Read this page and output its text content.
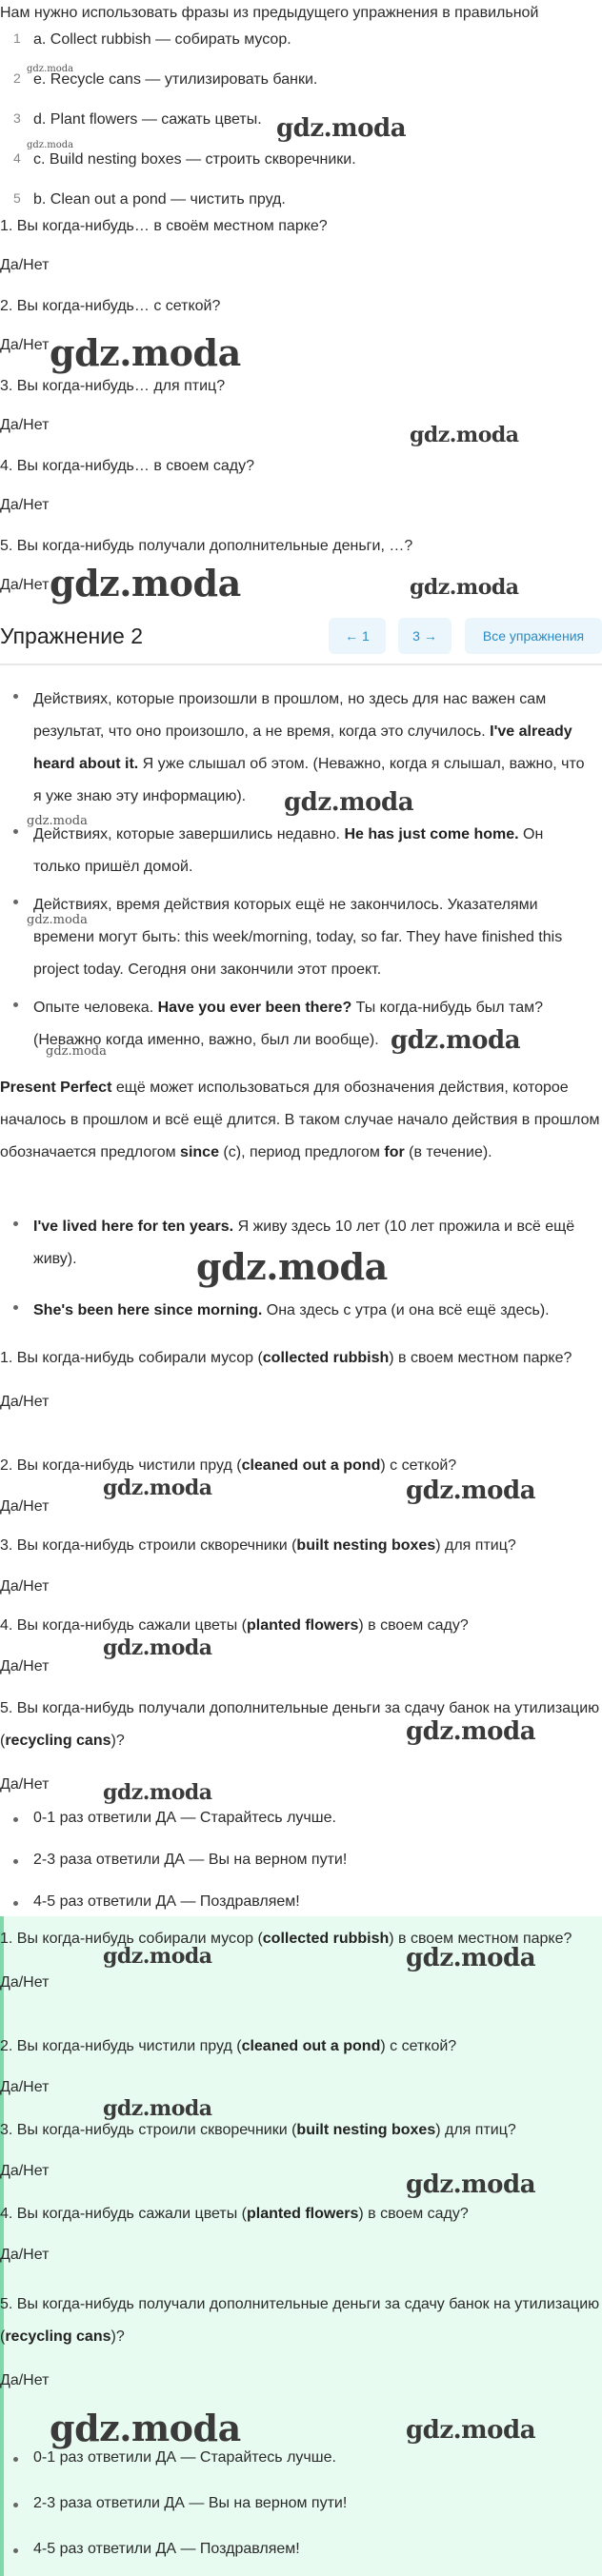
Нам нужно использовать фразы из предыдущего упражнения в правильной
1 a. Collect rubbish — собирать мусор.
2 e. Recycle cans — утилизировать банки.
3 d. Plant flowers — сажать цветы.
4 c. Build nesting boxes — строить скворечники.
5 b. Clean out a pond — чистить пруд.
gdz.moda
gdz.moda
gdz.moda
1. Вы когда-нибудь… в своём местном парке?
Да/Нет
2. Вы когда-нибудь… с сеткой?
Да/Нет
3. Вы когда-нибудь… для птиц?
Да/Нет
4. Вы когда-нибудь… в своем саду?
Да/Нет
5. Вы когда-нибудь получали дополнительные деньги, …?
Да/Нет
gdz.moda
gdz.moda
gdz.moda	gdz.moda
Упражнение 2	← 1	3 →	Все упражнения
Действиях, которые произошли в прошлом, но здесь для нас важен сам результат, что оно произошло, а не время, когда это случилось. I've already heard about it. Я уже слышал об этом. (Неважно, когда я слышал, важно, что я уже знаю эту информацию).
gdz.moda
gdz.moda
Действиях, которые завершились недавно. He has just come home. Он только пришёл домой.
Действиях, время действия которых ещё не закончилось. Указателями времени могут быть: this week/morning, today, so far. They have finished this project today. Сегодня они закончили этот проект.
gdz.moda
Опыте человека. Have you ever been there? Ты когда-нибудь был там? (Неважно когда именно, важно, был ли вообще). gdz.moda
gdz.moda
Present Perfect ещё может использоваться для обозначения действия, которое началось в прошлом и всё ещё длится. В таком случае начало действия в прошлом обозначается предлогом since (с), период предлогом for (в течение).
I've lived here for ten years. Я живу здесь 10 лет (10 лет прожила и всё ещё живу).	gdz.moda
She's been here since morning. Она здесь с утра (и она всё ещё здесь).
1. Вы когда-нибудь собирали мусор (collected rubbish) в своем местном парке?
Да/Нет
2. Вы когда-нибудь чистили пруд (cleaned out a pond) с сеткой?
Да/Нет
gdz.moda	gdz.moda
3. Вы когда-нибудь строили скворечники (built nesting boxes) для птиц?
Да/Нет
4. Вы когда-нибудь сажали цветы (planted flowers) в своем саду?
Да/Нет
gdz.moda
5. Вы когда-нибудь получали дополнительные деньги за сдачу банок на утилизацию (recycling cans)?
Да/Нет
gdz.moda
gdz.moda
0-1 раз ответили ДА — Старайтесь лучше.
2-3 раза ответили ДА — Вы на верном пути!
4-5 раз ответили ДА — Поздравляем!
1. Вы когда-нибудь собирали мусор (collected rubbish) в своем местном парке?
Да/Нет
gdz.moda	gdz.moda
2. Вы когда-нибудь чистили пруд (cleaned out a pond) с сеткой?
Да/Нет
gdz.moda
3. Вы когда-нибудь строили скворечники (built nesting boxes) для птиц?
Да/Нет	gdz.moda
4. Вы когда-нибудь сажали цветы (planted flowers) в своем саду?
Да/Нет
5. Вы когда-нибудь получали дополнительные деньги за сдачу банок на утилизацию (recycling cans)?
Да/Нет
gdz.moda	gdz.moda
0-1 раз ответили ДА — Старайтесь лучше.
2-3 раза ответили ДА — Вы на верном пути!
4-5 раз ответили ДА — Поздравляем!
